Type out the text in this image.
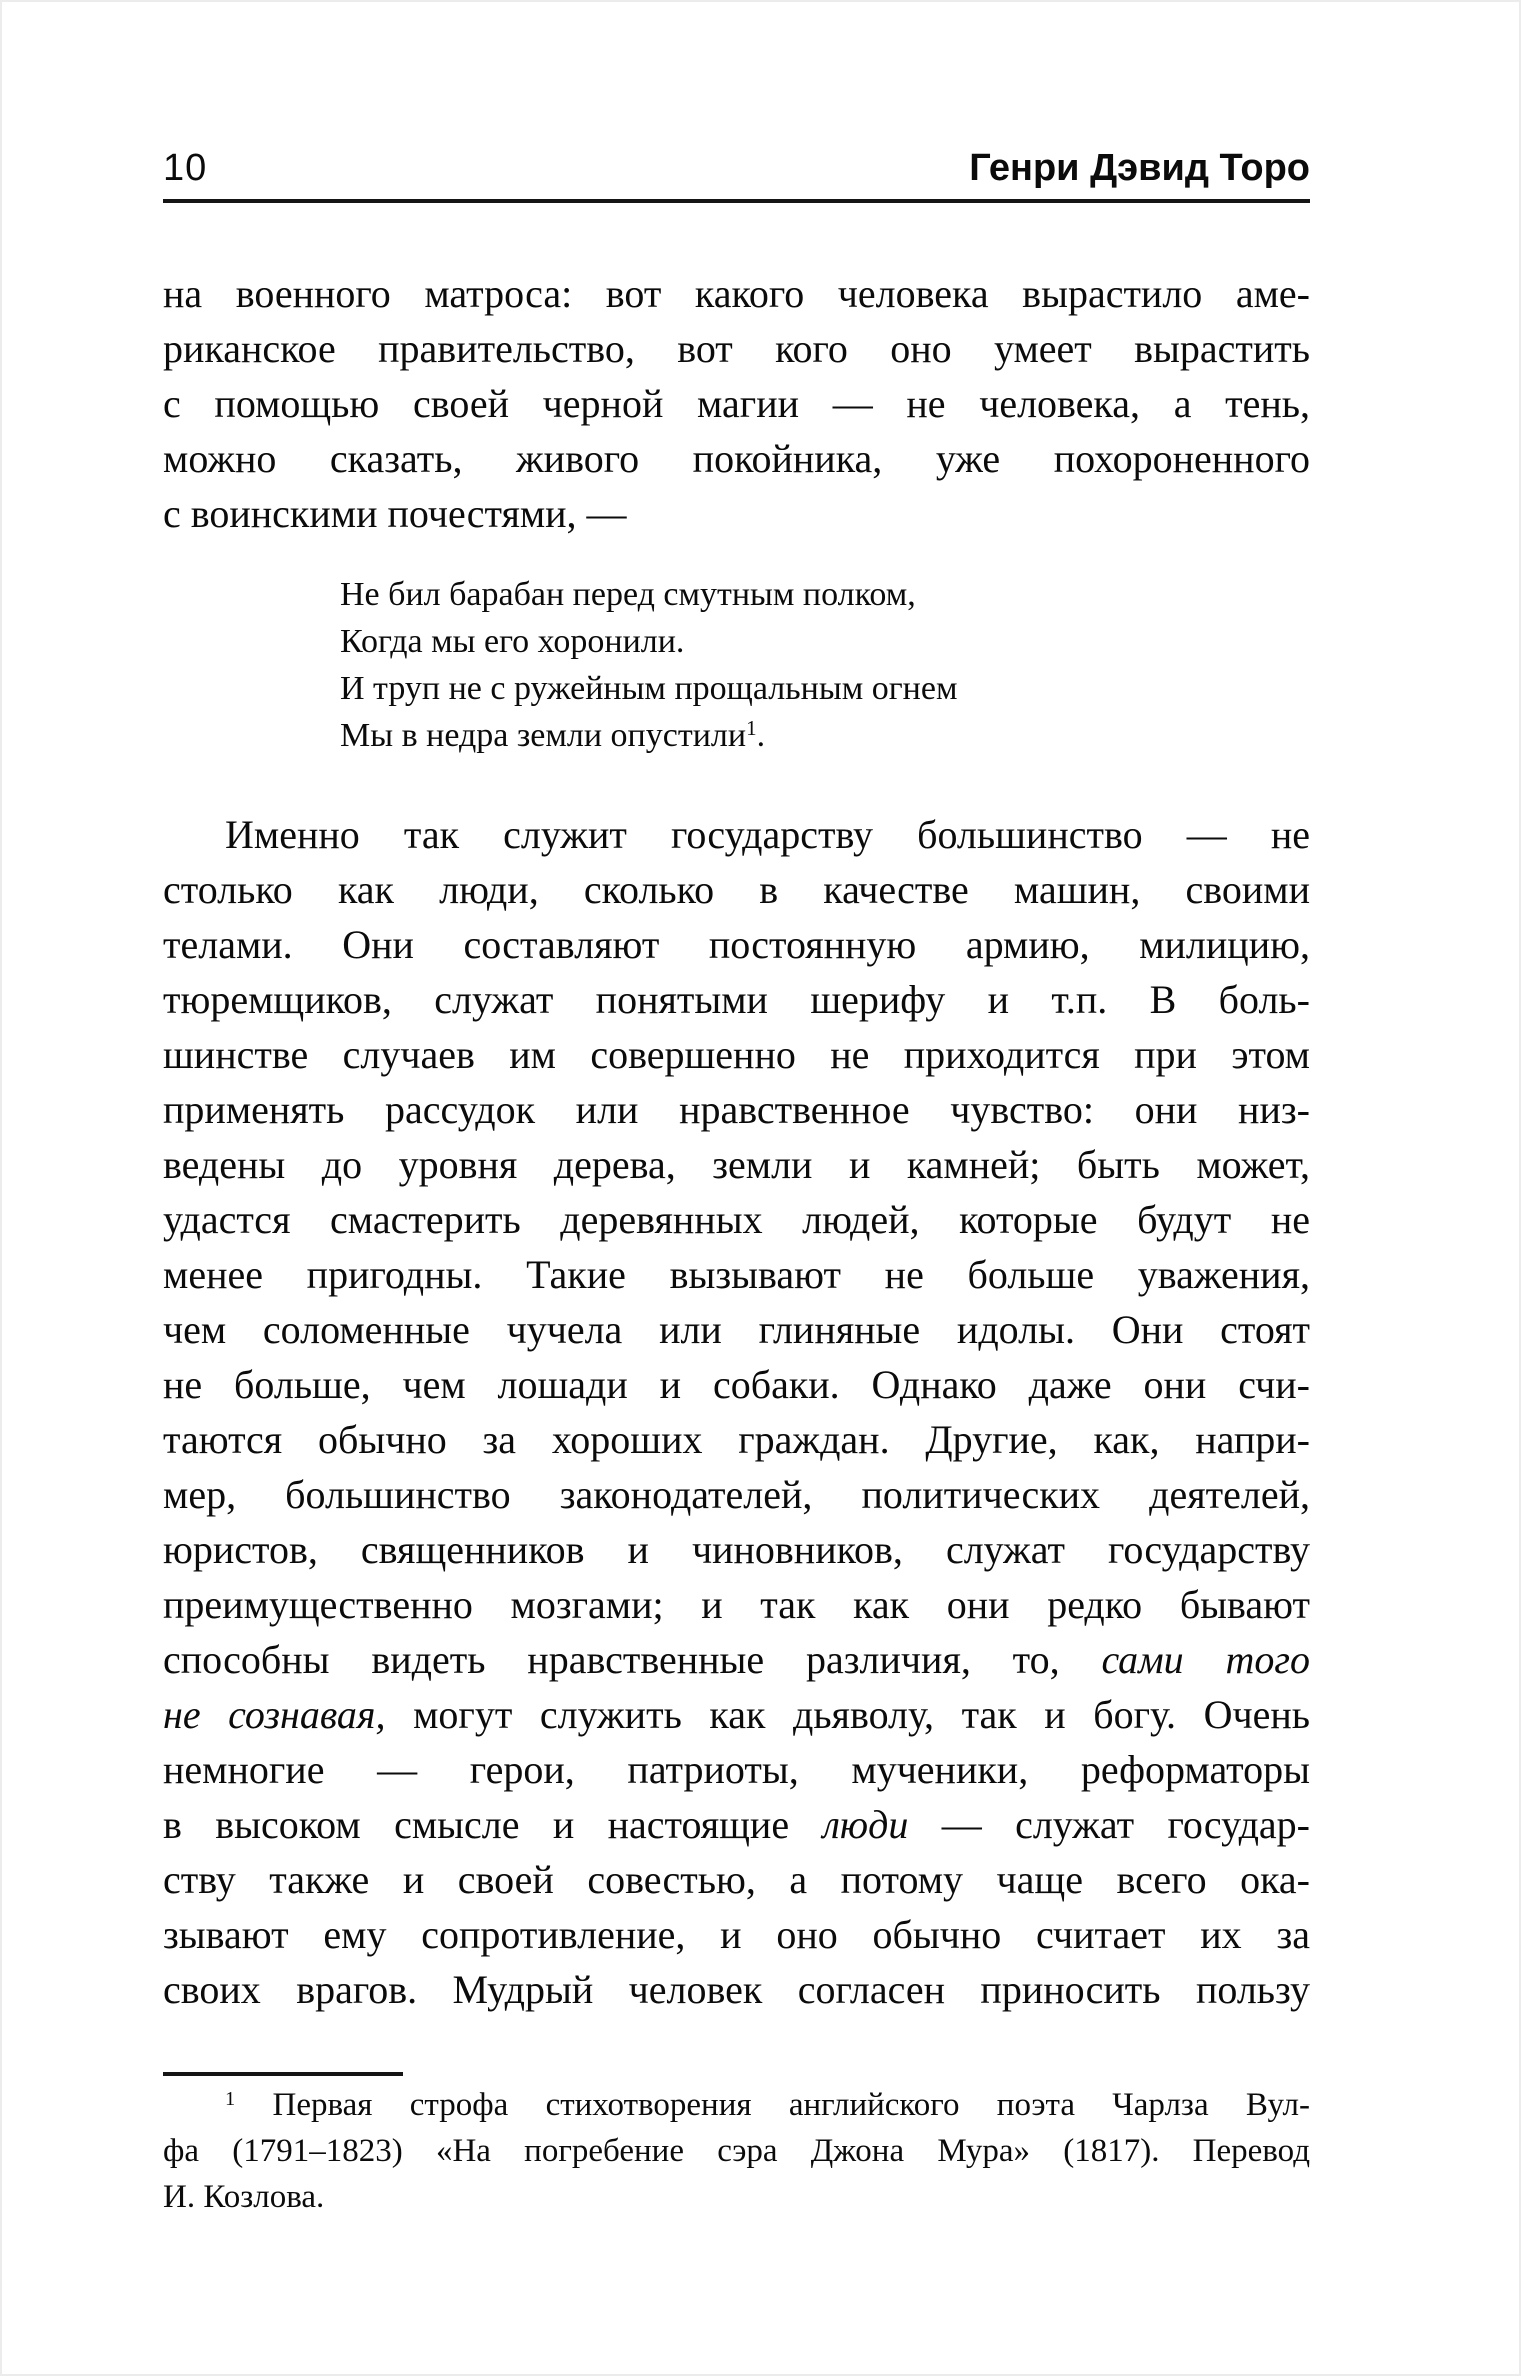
10	Генри Дэвид Торо
на военного матроса: вот какого человека вырастило аме-
риканское правительство, вот кого оно умеет вырастить
с помощью своей черной магии — не человека, а тень,
можно сказать, живого покойника, уже похороненного
с воинскими почестями, —
Не бил барабан перед смутным полком,
Когда мы его хоронили.
И труп не с ружейным прощальным огнем
Мы в недра земли опустили$^1$.
Именно так служит государству большинство — не
столько как люди, сколько в качестве машин, своими
телами. Они составляют постоянную армию, милицию,
тюремщиков, служат понятыми шерифу и т.п. В боль-
шинстве случаев им совершенно не приходится при этом
применять рассудок или нравственное чувство: они низ-
ведены до уровня дерева, земли и камней; быть может,
удастся смастерить деревянных людей, которые будут не
менее пригодны. Такие вызывают не больше уважения,
чем соломенные чучела или глиняные идолы. Они стоят
не больше, чем лошади и собаки. Однако даже они счи-
таются обычно за хороших граждан. Другие, как, напри-
мер, большинство законодателей, политических деятелей,
юристов, священников и чиновников, служат государству
преимущественно мозгами; и так как они редко бывают
способны видеть нравственные различия, то, сами того
не сознавая, могут служить как дьяволу, так и богу. Очень
немногие — герои, патриоты, мученики, реформаторы
в высоком смысле и настоящие люди — служат государ-
ству также и своей совестью, а потому чаще всего ока-
зывают ему сопротивление, и оно обычно считает их за
своих врагов. Мудрый человек согласен приносить пользу
$^1$ Первая строфа стихотворения английского поэта Чарлза Вул-
фа (1791–1823) «На погребение сэра Джона Мура» (1817). Перевод
И. Козлова.
